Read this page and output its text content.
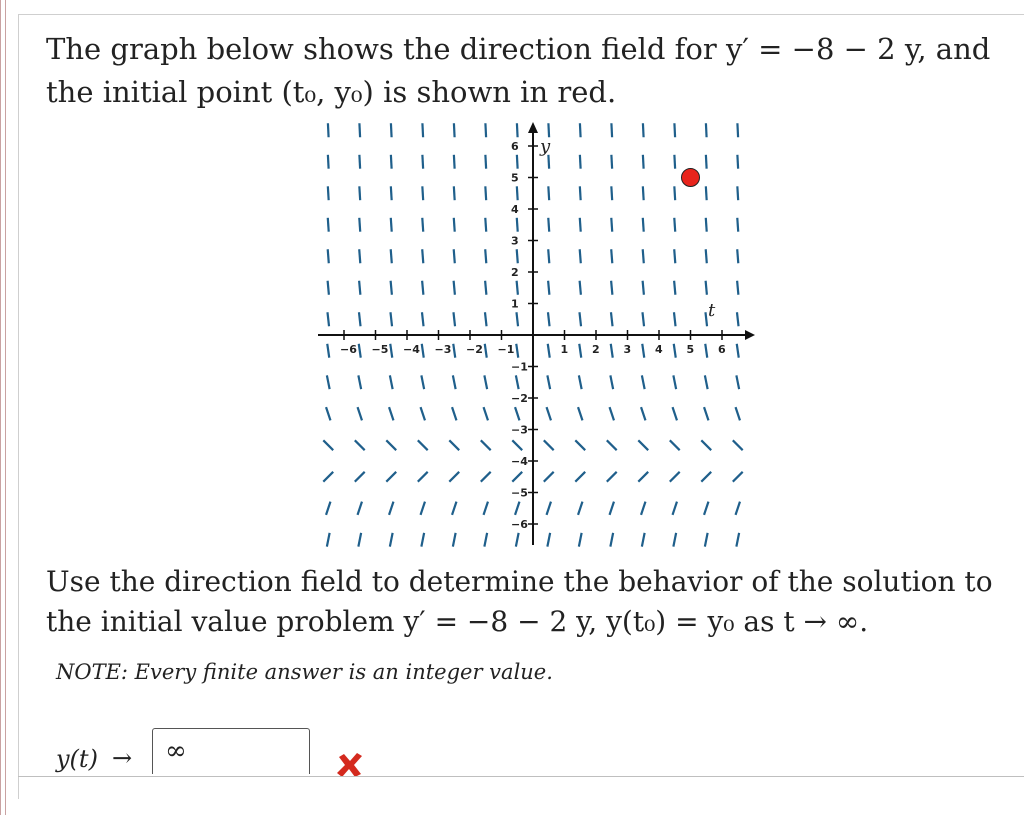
The graph below shows the direction field for y′ = −8 − 2 y, and the initial point (t₀, y₀) is shown in red.
−6 −5 −4 −3 −2 −1	1 2 3 4 5 6
6
5
4
3
2
1
−1
−2
−3
−4
−5
−6
t
y
Use the direction field to determine the behavior of the solution to the initial value problem y′ = −8 − 2 y, y(t₀) = y₀ as t → ∞.
NOTE: Every finite answer is an integer value.
y(t) →	∞
